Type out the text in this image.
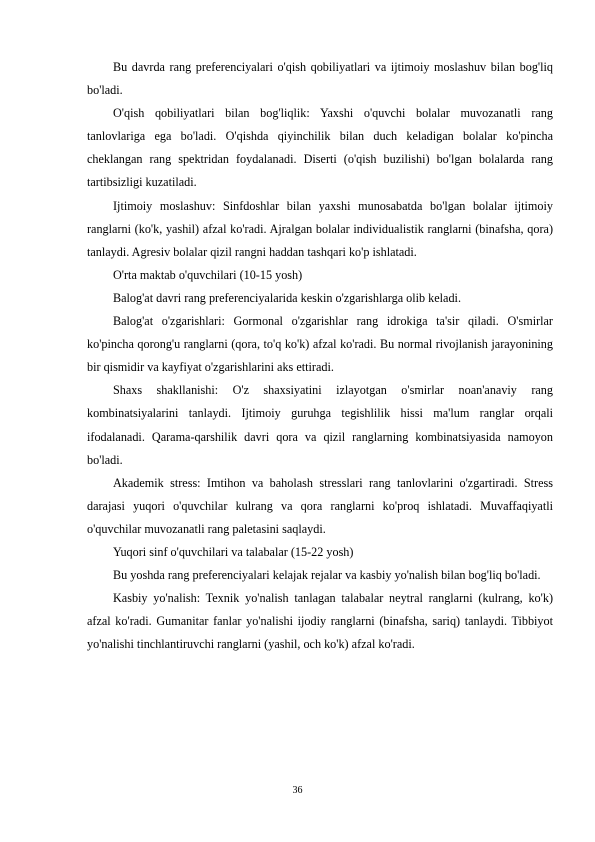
Bu davrda rang preferenciyalari o'qish qobiliyatlari va ijtimoiy moslashuv bilan bog'liq bo'ladi.

O'qish qobiliyatlari bilan bog'liqlik: Yaxshi o'quvchi bolalar muvozanatli rang tanlovlariga ega bo'ladi. O'qishda qiyinchilik bilan duch keladigan bolalar ko'pincha cheklangan rang spektridan foydalanadi. Diserti (o'qish buzilishi) bo'lgan bolalarda rang tartibsizligi kuzatiladi.

Ijtimoiy moslashuv: Sinfdoshlar bilan yaxshi munosabatda bo'lgan bolalar ijtimoiy ranglarni (ko'k, yashil) afzal ko'radi. Ajralgan bolalar individualistik ranglarni (binafsha, qora) tanlaydi. Agresiv bolalar qizil rangni haddan tashqari ko'p ishlatadi.

O'rta maktab o'quvchilari (10-15 yosh)

Balog'at davri rang preferenciyalarida keskin o'zgarishlarga olib keladi.

Balog'at o'zgarishlari: Gormonal o'zgarishlar rang idrokiga ta'sir qiladi. O'smirlar ko'pincha qorong'u ranglarni (qora, to'q ko'k) afzal ko'radi. Bu normal rivojlanish jarayonining bir qismidir va kayfiyat o'zgarishlarini aks ettiradi.

Shaxs shakllanishi: O'z shaxsiyatini izlayotgan o'smirlar noan'anaviy rang kombinatsiyalarini tanlaydi. Ijtimoiy guruhga tegishlilik hissi ma'lum ranglar orqali ifodalanadi. Qarama-qarshilik davri qora va qizil ranglarning kombinatsiyasida namoyon bo'ladi.

Akademik stress: Imtihon va baholash stresslari rang tanlovlarini o'zgartiradi. Stress darajasi yuqori o'quvchilar kulrang va qora ranglarni ko'proq ishlatadi. Muvaffaqiyatli o'quvchilar muvozanatli rang paletasini saqlaydi.

Yuqori sinf o'quvchilari va talabalar (15-22 yosh)

Bu yoshda rang preferenciyalari kelajak rejalar va kasbiy yo'nalish bilan bog'liq bo'ladi.

Kasbiy yo'nalish: Texnik yo'nalish tanlagan talabalar neytral ranglarni (kulrang, ko'k) afzal ko'radi. Gumanitar fanlar yo'nalishi ijodiy ranglarni (binafsha, sariq) tanlaydi. Tibbiyot yo'nalishi tinchlantiruvchi ranglarni (yashil, och ko'k) afzal ko'radi.

36
